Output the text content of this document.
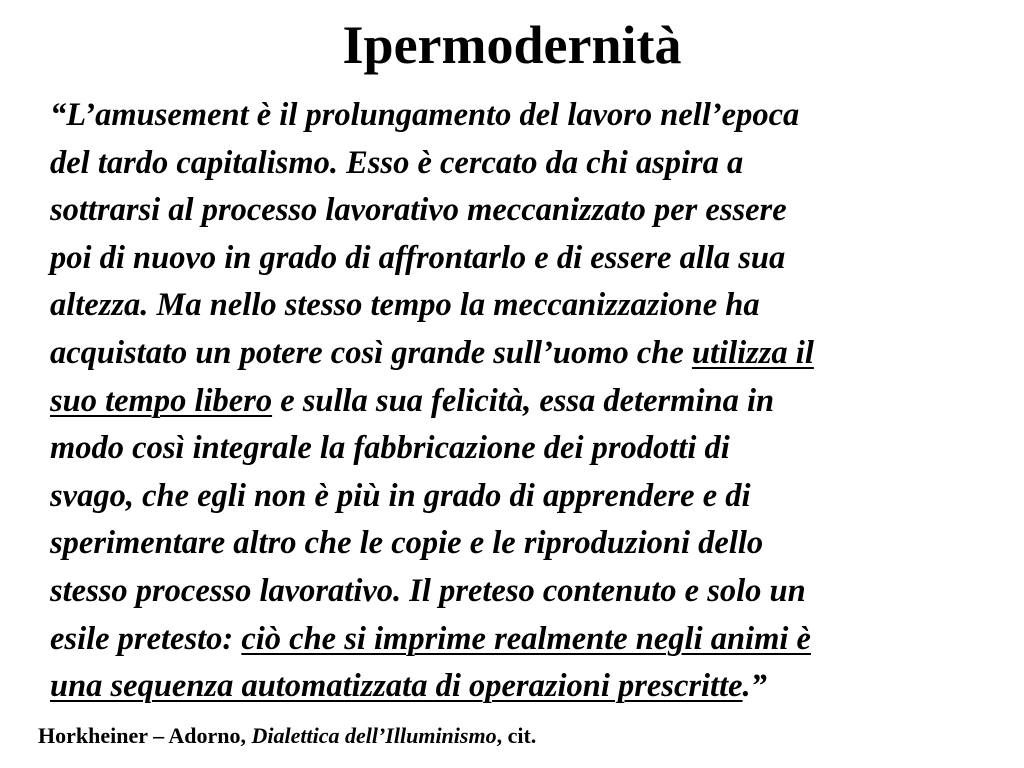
Ipermodernità
“L’amusement è il prolungamento del lavoro nell’epoca
del tardo capitalismo. Esso è cercato da chi aspira a
sottrarsi al processo lavorativo meccanizzato per essere
poi di nuovo in grado di affrontarlo e di essere alla sua
altezza. Ma nello stesso tempo la meccanizzazione ha
acquistato un potere così grande sull’uomo che utilizza il
suo tempo libero e sulla sua felicità, essa determina in
modo così integrale la fabbricazione dei prodotti di
svago, che egli non è più in grado di apprendere e di
sperimentare altro che le copie e le riproduzioni dello
stesso processo lavorativo. Il preteso contenuto e solo un
esile pretesto: ciò che si imprime realmente negli animi è
una sequenza automatizzata di operazioni prescritte.”
Horkheiner – Adorno, Dialettica dell’Illuminismo, cit.
